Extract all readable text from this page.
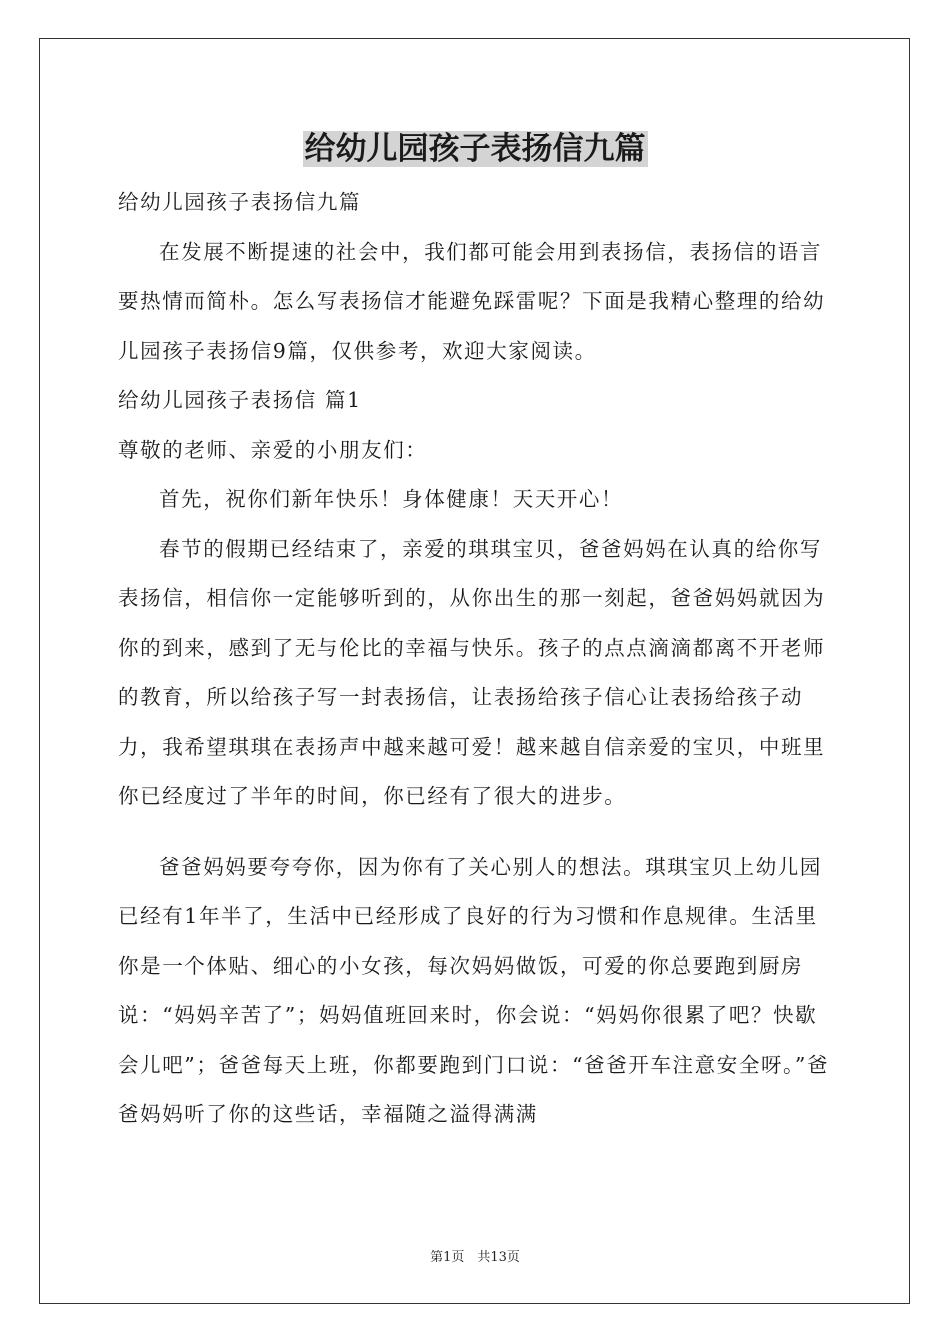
给幼儿园孩子表扬信九篇

给幼儿园孩子表扬信九篇

在发展不断提速的社会中，我们都可能会用到表扬信，表扬信的语言要热情而简朴。怎么写表扬信才能避免踩雷呢？下面是我精心整理的给幼儿园孩子表扬信9篇，仅供参考，欢迎大家阅读。

给幼儿园孩子表扬信 篇1

尊敬的老师、亲爱的小朋友们：

首先，祝你们新年快乐！身体健康！天天开心！

春节的假期已经结束了，亲爱的琪琪宝贝，爸爸妈妈在认真的给你写表扬信，相信你一定能够听到的，从你出生的那一刻起，爸爸妈妈就因为你的到来，感到了无与伦比的幸福与快乐。孩子的点点滴滴都离不开老师的教育，所以给孩子写一封表扬信，让表扬给孩子信心让表扬给孩子动力，我希望琪琪在表扬声中越来越可爱！越来越自信亲爱的宝贝，中班里你已经度过了半年的时间，你已经有了很大的进步。

爸爸妈妈要夸夸你，因为你有了关心别人的想法。琪琪宝贝上幼儿园已经有1年半了，生活中已经形成了良好的行为习惯和作息规律。生活里你是一个体贴、细心的小女孩，每次妈妈做饭，可爱的你总要跑到厨房说：“妈妈辛苦了”；妈妈值班回来时，你会说：“妈妈你很累了吧？快歇会儿吧”；爸爸每天上班，你都要跑到门口说：“爸爸开车注意安全呀。”爸爸妈妈听了你的这些话，幸福随之溢得满满

第1页　共13页
